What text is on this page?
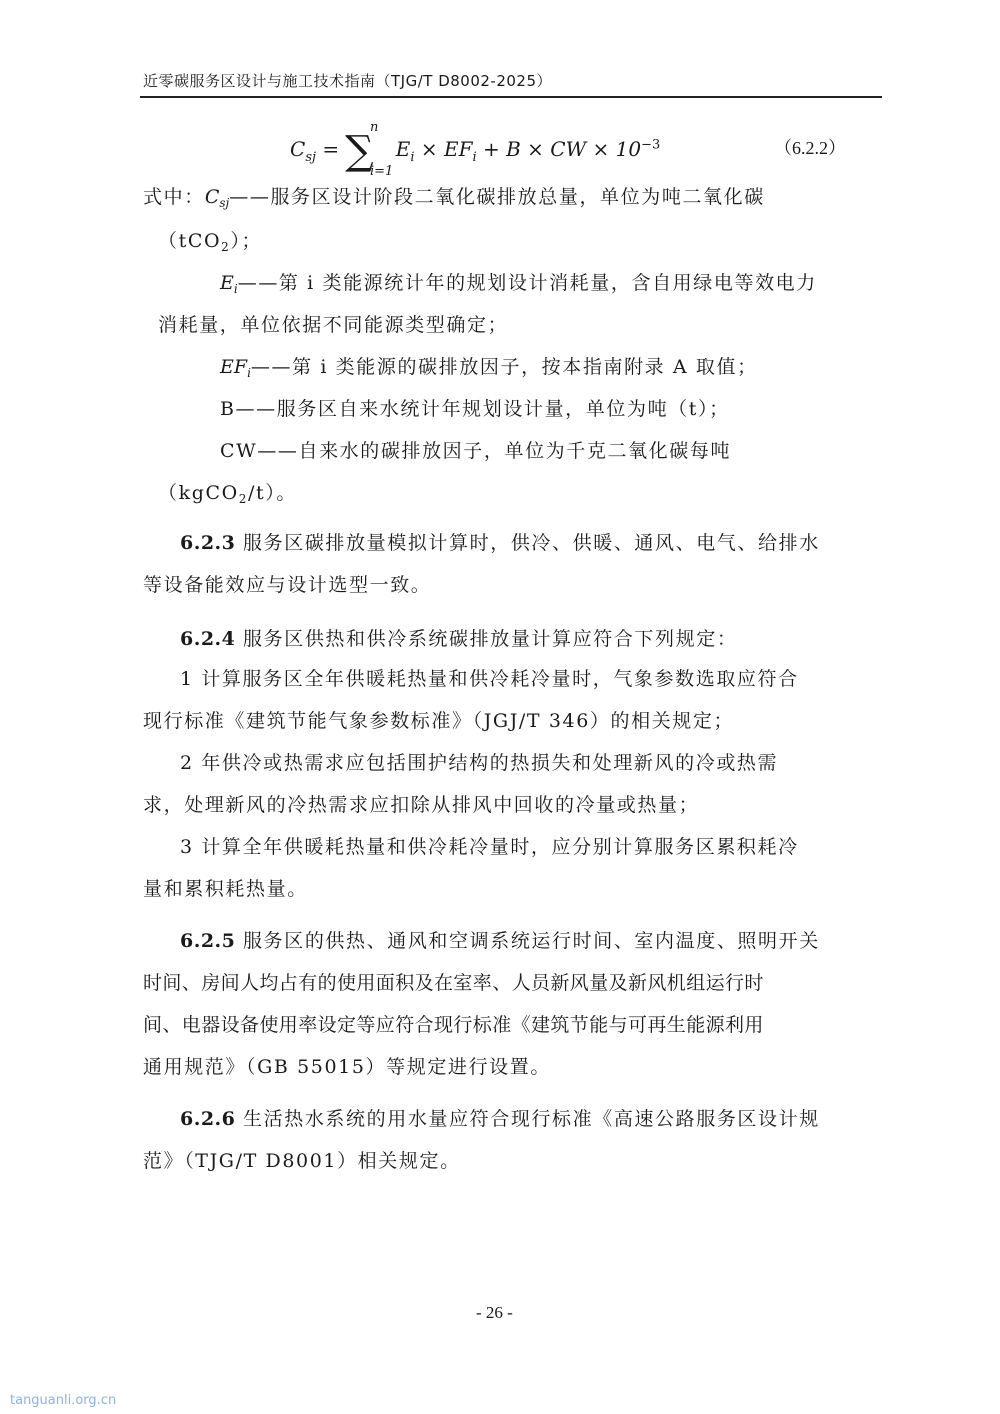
近零碳服务区设计与施工技术指南（TJG/T D8002-2025）
$C_{sj}$ = ∑
n
i=1
$E_i \times EF_i + B$ × CW × $10^{-3}$	（6.2.2）
式中：$C_{sj}——$服务区设计阶段二氧化碳排放总量，单位为吨二氧化碳
（tCO$_2$）；
$E_i——$第 i 类能源统计年的规划设计消耗量，含自用绿电等效电力
消耗量，单位依据不同能源类型确定；
$EF_i——$第 i 类能源的碳排放因子，按本指南附录 A 取值；
B——服务区自来水统计年规划设计量，单位为吨（t）；
CW——自来水的碳排放因子，单位为千克二氧化碳每吨
（kgCO$_2$/t）。
6.2.3 服务区碳排放量模拟计算时，供冷、供暖、通风、电气、给排水
等设备能效应与设计选型一致。
6.2.4 服务区供热和供冷系统碳排放量计算应符合下列规定：
1 计算服务区全年供暖耗热量和供冷耗冷量时，气象参数选取应符合
现行标准《建筑节能气象参数标准》（JGJ/T 346）的相关规定；
2 年供冷或热需求应包括围护结构的热损失和处理新风的冷或热需
求，处理新风的冷热需求应扣除从排风中回收的冷量或热量；
3 计算全年供暖耗热量和供冷耗冷量时，应分别计算服务区累积耗冷
量和累积耗热量。
6.2.5 服务区的供热、通风和空调系统运行时间、室内温度、照明开关
时间、房间人均占有的使用面积及在室率、人员新风量及新风机组运行时
间、电器设备使用率设定等应符合现行标准《建筑节能与可再生能源利用
通用规范》（GB 55015）等规定进行设置。
6.2.6 生活热水系统的用水量应符合现行标准《高速公路服务区设计规
范》（TJG/T D8001）相关规定。
- 26 -
tanguanli.org.cn
